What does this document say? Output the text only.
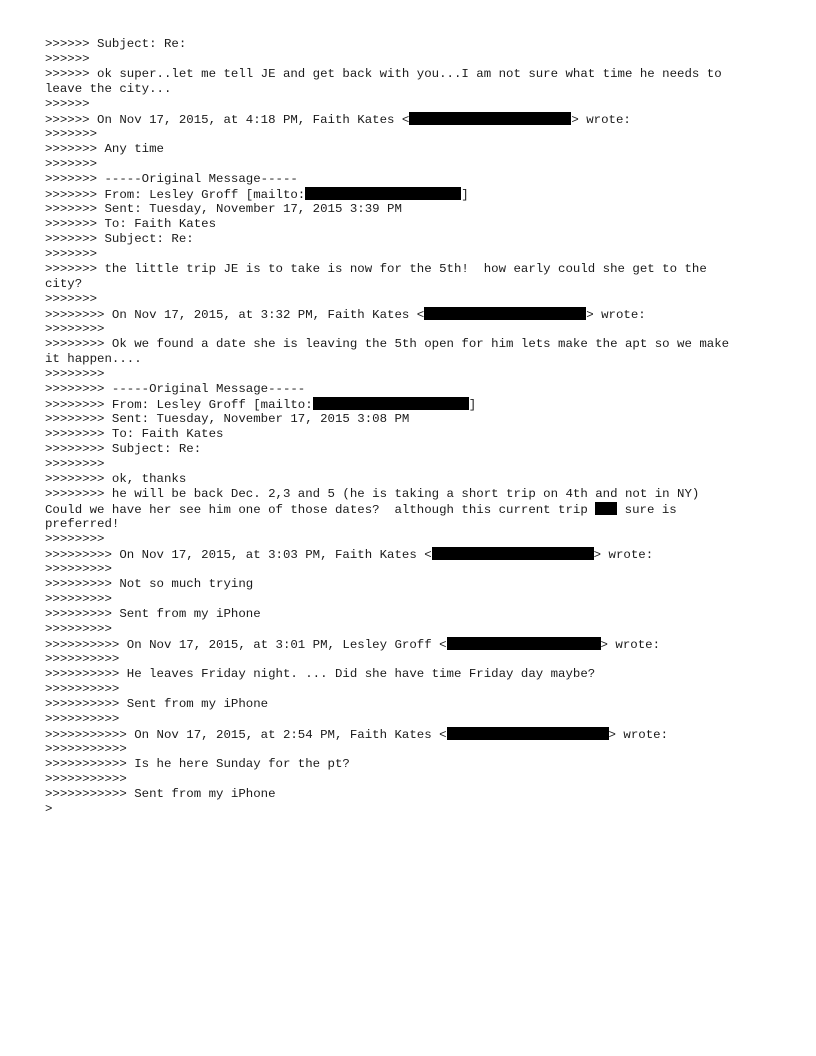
>>>>>> Subject: Re:
>>>>>>
>>>>>> ok super..let me tell JE and get back with you...I am not sure what time he needs to
leave the city...
>>>>>>
>>>>>> On Nov 17, 2015, at 4:18 PM, Faith Kates <	> wrote:
>>>>>>>
>>>>>>> Any time
>>>>>>>
>>>>>>> -----Original Message-----
>>>>>>> From: Lesley Groff [mailto:	]
>>>>>>> Sent: Tuesday, November 17, 2015 3:39 PM
>>>>>>> To: Faith Kates
>>>>>>> Subject: Re:
>>>>>>>
>>>>>>> the little trip JE is to take is now for the 5th!  how early could she get to the
city?
>>>>>>>
>>>>>>>> On Nov 17, 2015, at 3:32 PM, Faith Kates <	> wrote:
>>>>>>>>
>>>>>>>> Ok we found a date she is leaving the 5th open for him lets make the apt so we make
it happen....
>>>>>>>>
>>>>>>>> -----Original Message-----
>>>>>>>> From: Lesley Groff [mailto:	]
>>>>>>>> Sent: Tuesday, November 17, 2015 3:08 PM
>>>>>>>> To: Faith Kates
>>>>>>>> Subject: Re:
>>>>>>>>
>>>>>>>> ok, thanks
>>>>>>>> he will be back Dec. 2,3 and 5 (he is taking a short trip on 4th and not in NY)
Could we have her see him one of those dates?  although this current trip  sure is
preferred!
>>>>>>>>
>>>>>>>>> On Nov 17, 2015, at 3:03 PM, Faith Kates <	> wrote:
>>>>>>>>>
>>>>>>>>> Not so much trying
>>>>>>>>>
>>>>>>>>> Sent from my iPhone
>>>>>>>>>
>>>>>>>>>> On Nov 17, 2015, at 3:01 PM, Lesley Groff <	> wrote:
>>>>>>>>>>
>>>>>>>>>> He leaves Friday night. ... Did she have time Friday day maybe?
>>>>>>>>>>
>>>>>>>>>> Sent from my iPhone
>>>>>>>>>>
>>>>>>>>>>> On Nov 17, 2015, at 2:54 PM, Faith Kates <	> wrote:
>>>>>>>>>>>
>>>>>>>>>>> Is he here Sunday for the pt?
>>>>>>>>>>>
>>>>>>>>>>> Sent from my iPhone
>
